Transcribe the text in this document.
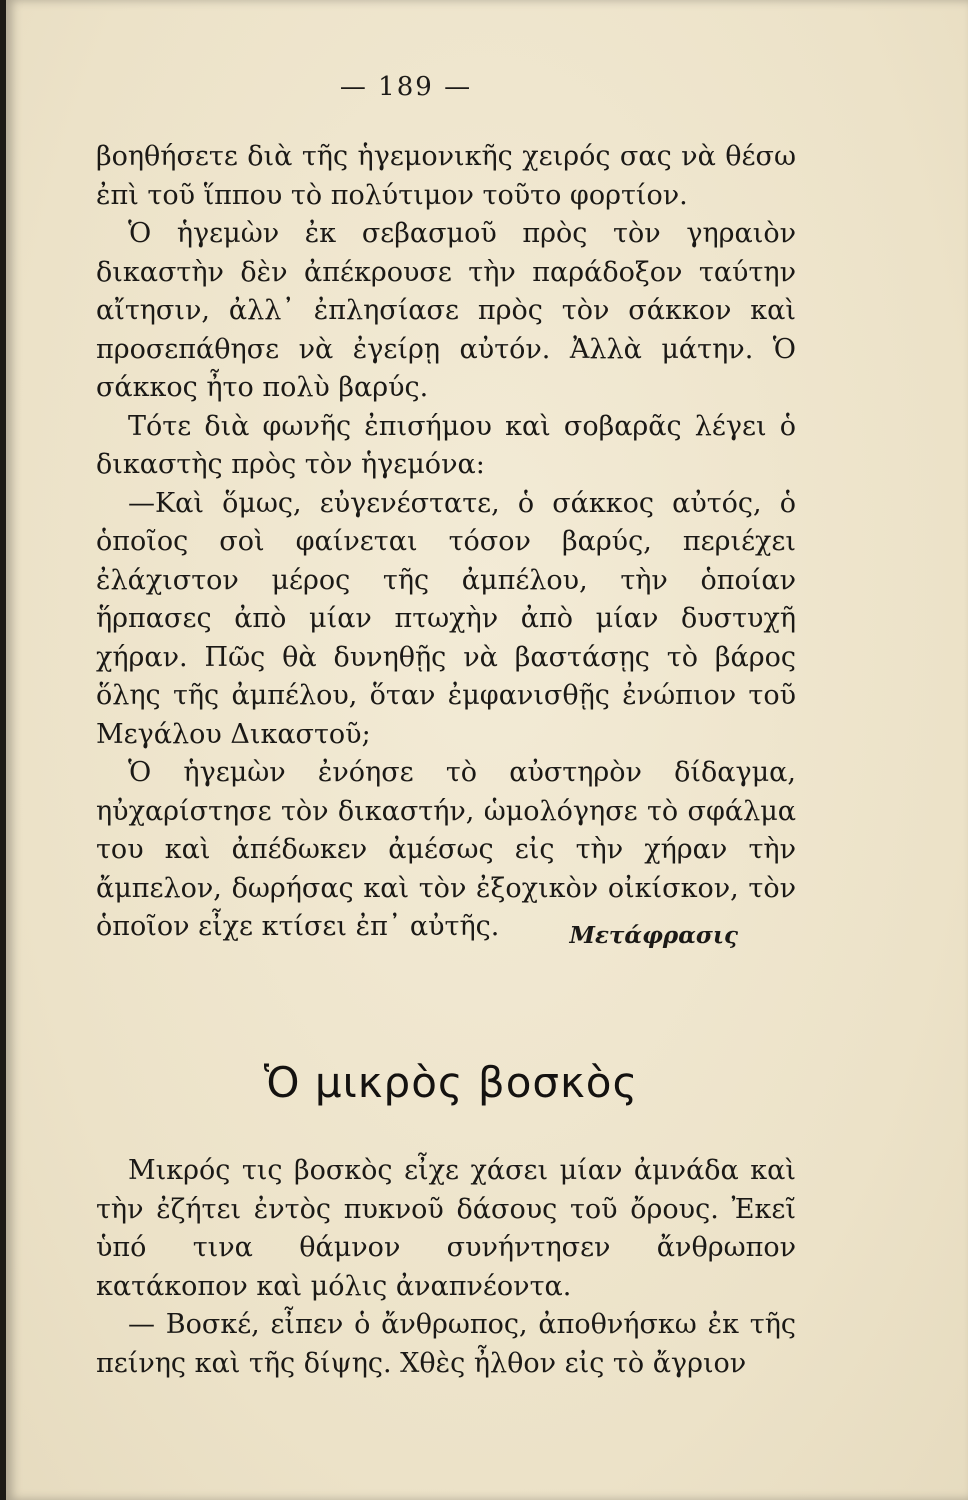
— 189 —

βοηθήσετε διὰ τῆς ἡγεμονικῆς χειρός σας νὰ θέσω ἐπὶ τοῦ ἵππου τὸ πολύτιμον τοῦτο φορτίον.

Ὁ ἡγεμὼν ἐκ σεβασμοῦ πρὸς τὸν γηραιὸν δικαστὴν δὲν ἀπέκρουσε τὴν παράδοξον ταύτην αἴτησιν, ἀλλ᾽ ἐπλησίασε πρὸς τὸν σάκκον καὶ προσεπάθησε νὰ ἐγείρῃ αὐτόν. Ἀλλὰ μάτην. Ὁ σάκκος ἦτο πολὺ βαρύς.

Τότε διὰ φωνῆς ἐπισήμου καὶ σοβαρᾶς λέγει ὁ δικαστὴς πρὸς τὸν ἡγεμόνα:

—Καὶ ὅμως, εὐγενέστατε, ὁ σάκκος αὐτός, ὁ ὁποῖος σοὶ φαίνεται τόσον βαρύς, περιέχει ἐλάχιστον μέρος τῆς ἀμπέλου, τὴν ὁποίαν ἥρπασες ἀπὸ μίαν πτωχὴν ἀπὸ μίαν δυστυχῆ χήραν. Πῶς θὰ δυνηθῇς νὰ βαστάσῃς τὸ βάρος ὅλης τῆς ἀμπέλου, ὅταν ἐμφανισθῇς ἐνώπιον τοῦ Μεγάλου Δικαστοῦ;

Ὁ ἡγεμὼν ἐνόησε τὸ αὐστηρὸν δίδαγμα, ηὐχαρίστησε τὸν δικαστήν, ὡμολόγησε τὸ σφάλμα του καὶ ἀπέδωκεν ἀμέσως εἰς τὴν χήραν τὴν ἄμπελον, δωρήσας καὶ τὸν ἐξοχικὸν οἰκίσκον, τὸν ὁποῖον εἶχε κτίσει ἐπ᾽ αὐτῆς.	Μετάφρασις
Ὁ μικρὸς βοσκὸς

Μικρός τις βοσκὸς εἶχε χάσει μίαν ἀμνάδα καὶ τὴν ἐζήτει ἐντὸς πυκνοῦ δάσους τοῦ ὄρους. Ἐκεῖ ὑπό τινα θάμνον συνήντησεν ἄνθρωπον κατάκοπον καὶ μόλις ἀναπνέοντα.

— Βοσκέ, εἶπεν ὁ ἄνθρωπος, ἀποθνήσκω ἐκ τῆς πείνης καὶ τῆς δίψης. Χθὲς ἦλθον εἰς τὸ ἄγριον
